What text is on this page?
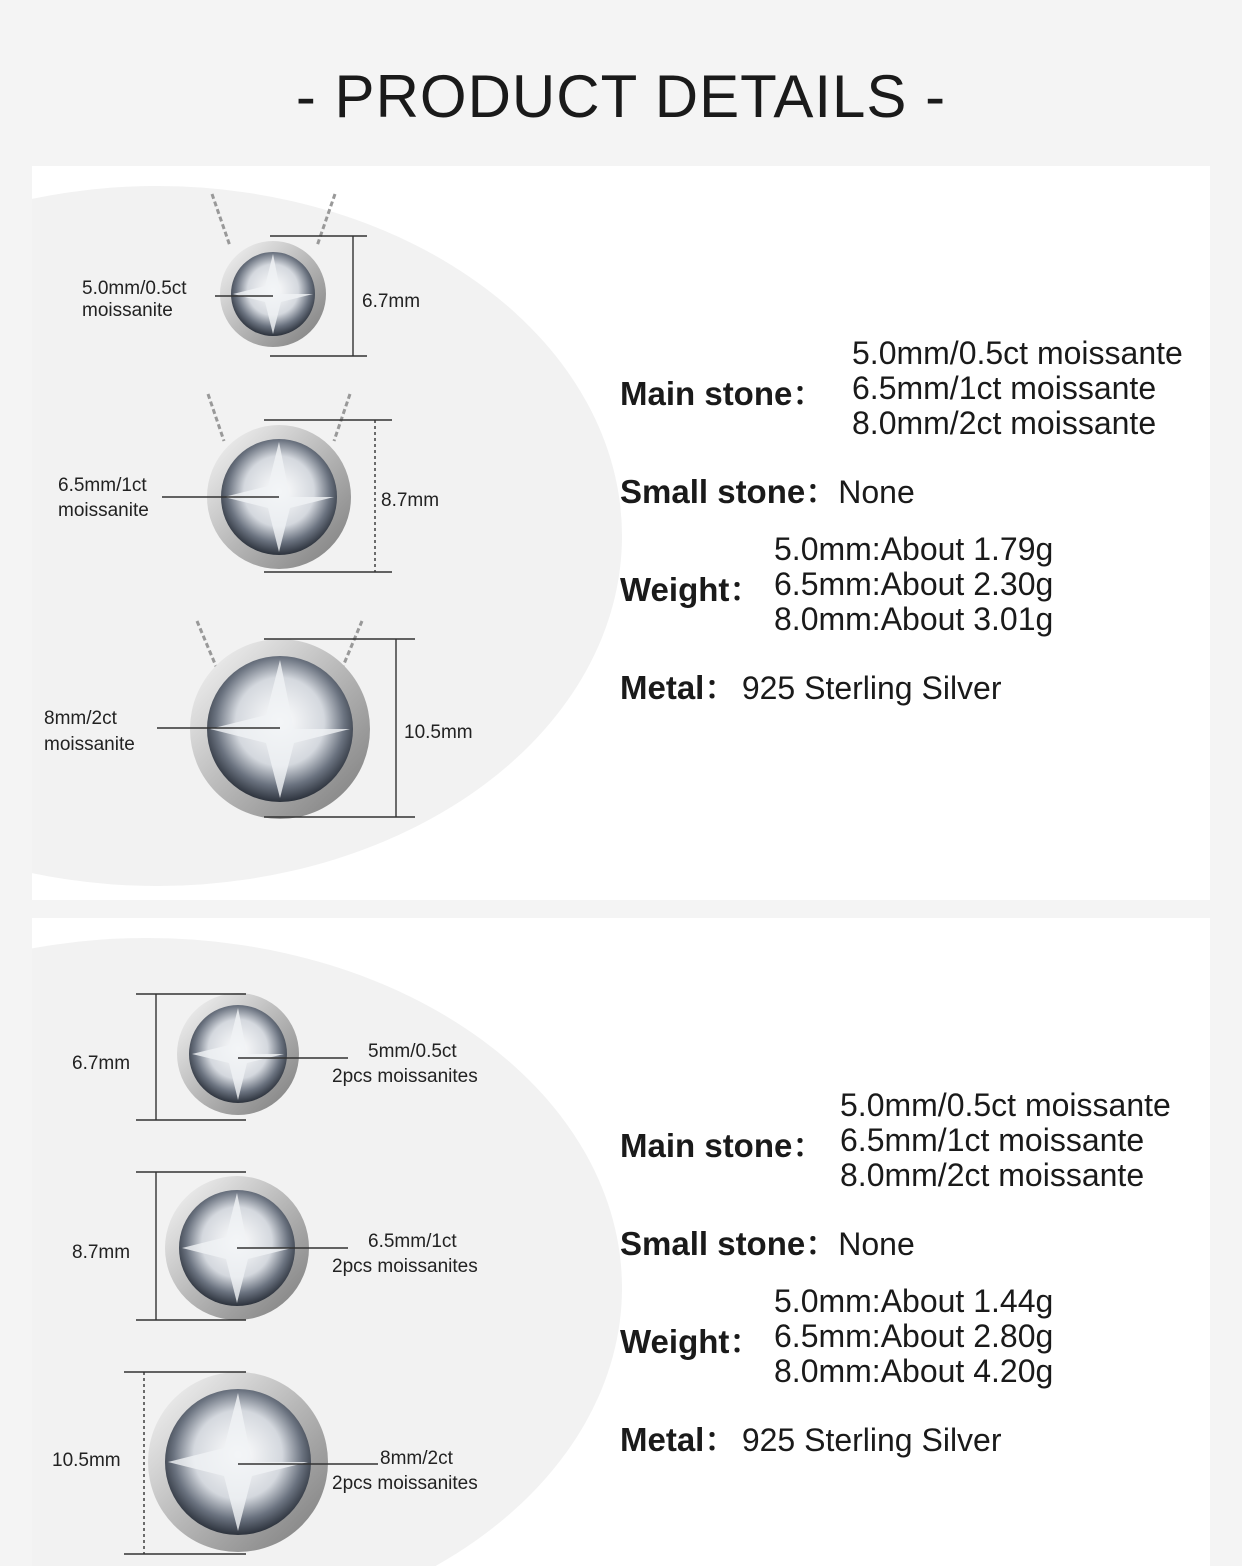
- PRODUCT DETAILS -
5.0mm/0.5ct
moissanite	6.7mm
6.5mm/1ct
moissanite	8.7mm
8mm/2ct
moissanite
10.5mm
Main stone：
5.0mm/0.5ct moissante
6.5mm/1ct moissante
8.0mm/2ct moissante
Small stone：None
Weight：
5.0mm:About 1.79g
6.5mm:About 2.30g
8.0mm:About 3.01g
Metal： 925 Sterling Silver
6.7mm
5mm/0.5ct
2pcs moissanites
8.7mm
6.5mm/1ct
2pcs moissanites
10.5mm	8mm/2ct
2pcs moissanites
Main stone：
5.0mm/0.5ct moissante
6.5mm/1ct moissante
8.0mm/2ct moissante
Small stone：None
Weight：
5.0mm:About 1.44g
6.5mm:About 2.80g
8.0mm:About 4.20g
Metal： 925 Sterling Silver
